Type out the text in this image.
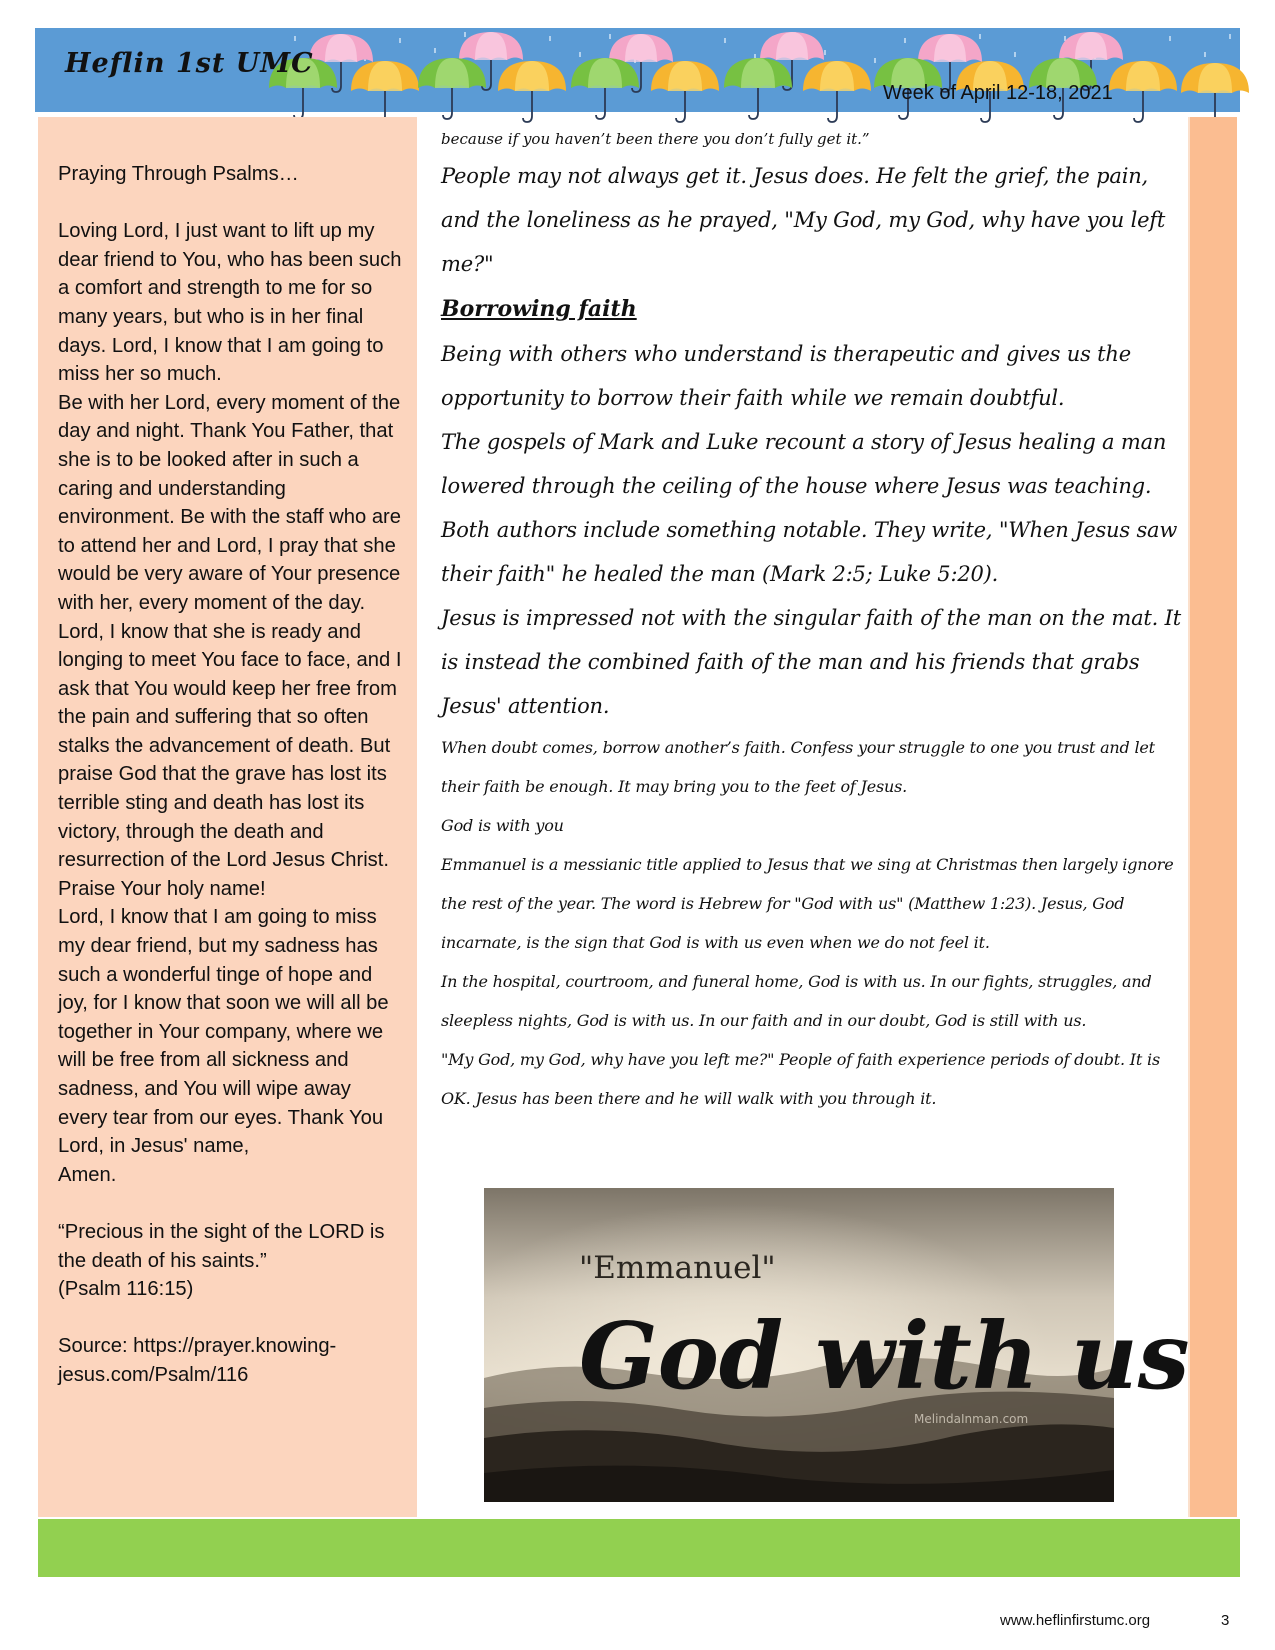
Heflin 1st UMC
Week of April 12-18, 2021

Praying Through Psalms…

Loving Lord, I just want to lift up my dear friend to You, who has been such a comfort and strength to me for so many years, but who is in her final days. Lord, I know that I am going to miss her so much.

Be with her Lord, every moment of the day and night. Thank You Father, that she is to be looked after in such a caring and understanding environment. Be with the staff who are to attend her and Lord, I pray that she would be very aware of Your presence with her, every moment of the day.

Lord, I know that she is ready and longing to meet You face to face, and I ask that You would keep her free from the pain and suffering that so often stalks the advancement of death. But praise God that the grave has lost its terrible sting and death has lost its victory, through the death and resurrection of the Lord Jesus Christ. Praise Your holy name!

Lord, I know that I am going to miss my dear friend, but my sadness has such a wonderful tinge of hope and joy, for I know that soon we will all be together in Your company, where we will be free from all sickness and sadness, and You will wipe away every tear from our eyes. Thank You Lord, in Jesus' name,

Amen.

“Precious in the sight of the LORD is the death of his saints.”

(Psalm 116:15)

Source: https://prayer.knowing-jesus.com/Psalm/116

because if you haven’t been there you don’t fully get it.”

People may not always get it. Jesus does. He felt the grief, the pain, and the loneliness as he prayed, "My God, my God, why have you left me?"

Borrowing faith

Being with others who understand is therapeutic and gives us the opportunity to borrow their faith while we remain doubtful.

The gospels of Mark and Luke recount a story of Jesus healing a man lowered through the ceiling of the house where Jesus was teaching. Both authors include something notable. They write, "When Jesus saw their faith" he healed the man (Mark 2:5; Luke 5:20).

Jesus is impressed not with the singular faith of the man on the mat. It is instead the combined faith of the man and his friends that grabs Jesus' attention.

When doubt comes, borrow another’s faith. Confess your struggle to one you trust and let their faith be enough. It may bring you to the feet of Jesus.

God is with you

Emmanuel is a messianic title applied to Jesus that we sing at Christmas then largely ignore the rest of the year. The word is Hebrew for "God with us" (Matthew 1:23). Jesus, God incarnate, is the sign that God is with us even when we do not feel it.

In the hospital, courtroom, and funeral home, God is with us. In our fights, struggles, and sleepless nights, God is with us. In our faith and in our doubt, God is still with us.

"My God, my God, why have you left me?" People of faith experience periods of doubt. It is OK. Jesus has been there and he will walk with you through it.

"Emmanuel"
God with us
MelindaInman.com
www.heflinfirstumc.org	3
